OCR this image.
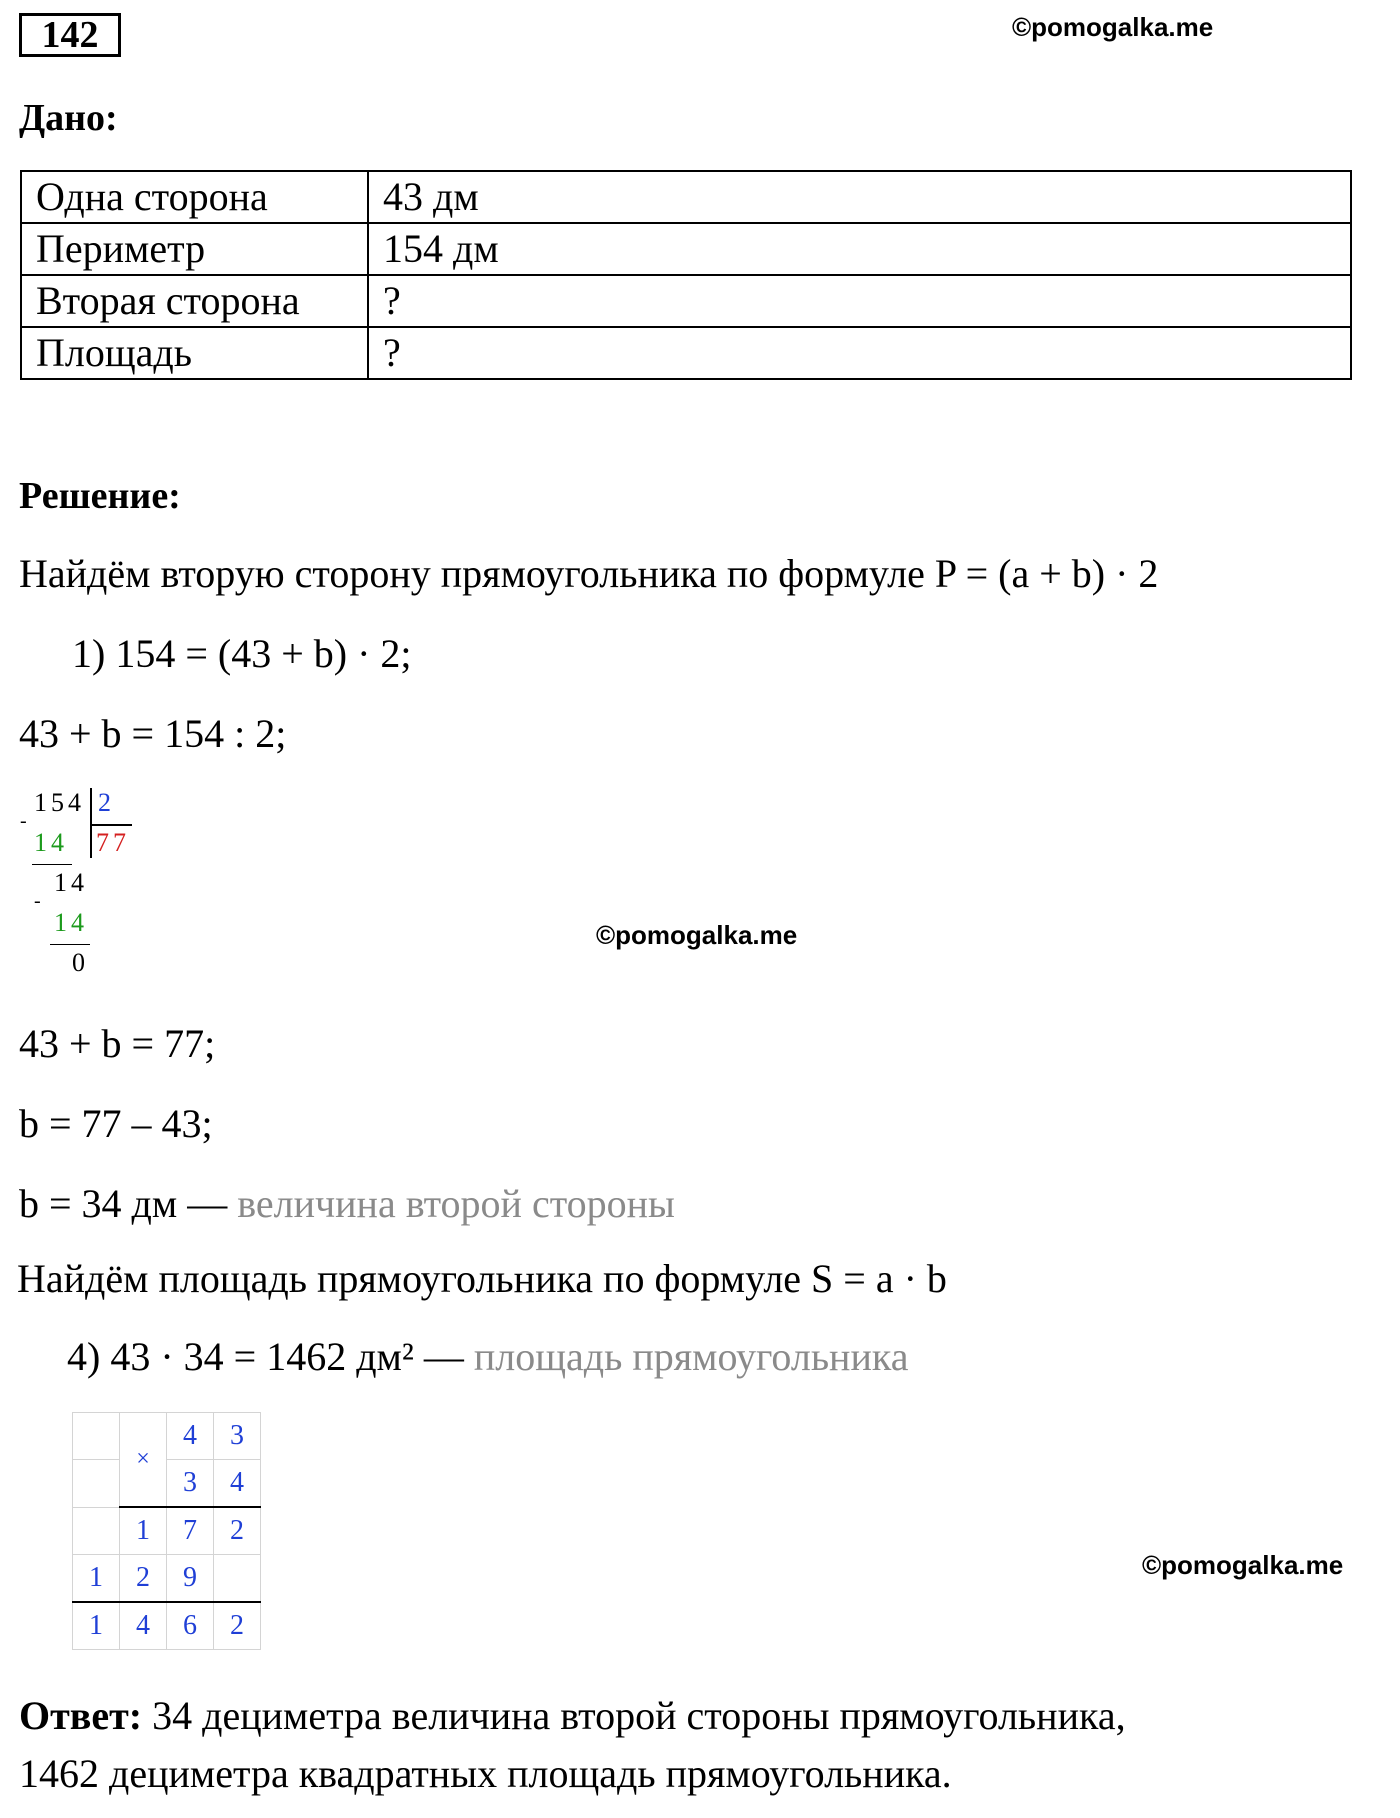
142	©pomogalka.me
Дано:
Одна сторона	43 дм
Периметр	154 дм
Вторая сторона	?
Площадь	?
Решение:
Найдём вторую сторону прямоугольника по формуле P = (a + b) · 2
1) 154 = (43 + b) · 2;
43 + b = 154 : 2;
154 2
-
14 77
14
-
14
0
©pomogalka.me
43 + b = 77;
b = 77 – 43;
b = 34 дм — величина второй стороны
Найдём площадь прямоугольника по формуле S = a · b
4) 43 · 34 = 1462 дм² — площадь прямоугольника
	×	4	3
		3	4
	1	7	2
1	2	9	
1	4	6	2
©pomogalka.me
Ответ: 34 дециметра величина второй стороны прямоугольника,
1462 дециметра квадратных площадь прямоугольника.
